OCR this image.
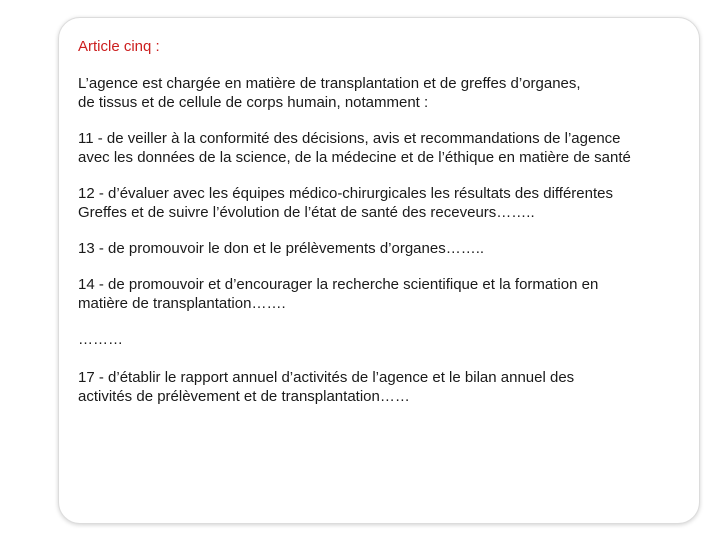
Article cinq :
L’agence est chargée en matière de transplantation et de greffes d’organes,
de tissus et de cellule de corps humain, notamment :
11 - de veiller à la conformité des décisions, avis et recommandations de l’agence
avec les données de la science, de la médecine et de l’éthique en matière de santé
12 - d’évaluer avec les équipes médico-chirurgicales les résultats des différentes
Greffes et de suivre l’évolution de l’état de santé des receveurs……..
13 - de promouvoir le don et le prélèvements d’organes……..
14 - de promouvoir et d’encourager la recherche scientifique et la formation en
matière de transplantation…….
………
17 - d’établir le rapport annuel d’activités de l’agence et le bilan annuel des
activités de prélèvement et de transplantation……
